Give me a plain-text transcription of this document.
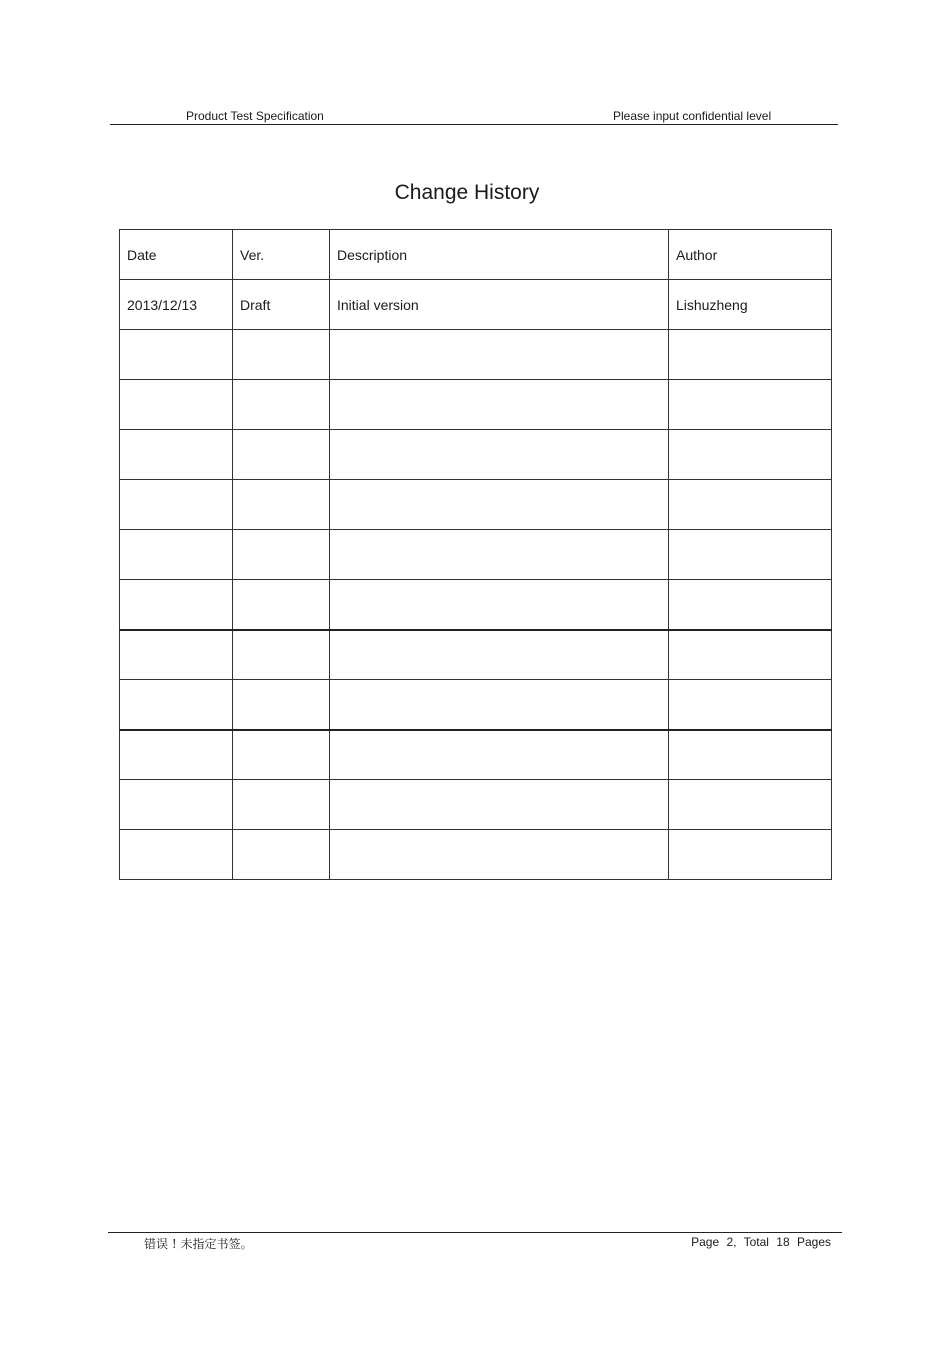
Product Test Specification	Please input confidential level
Change History
Date	Ver.	Description	Author
2013/12/13	Draft	Initial version	Lishuzheng

错误 ! 未指定书签。	Page 2, Total 18 Pages
